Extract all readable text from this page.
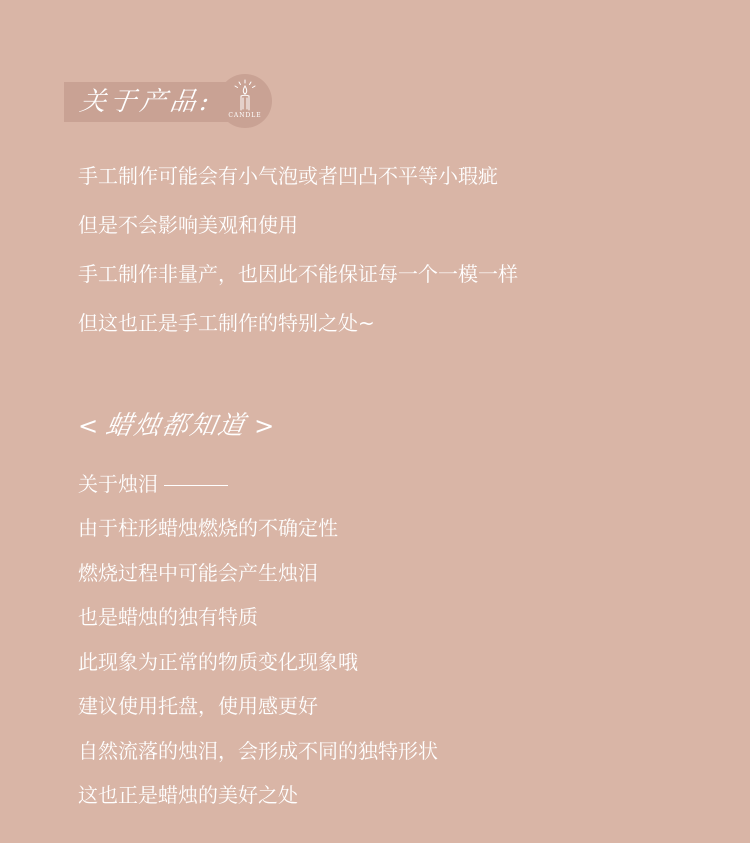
关于产品:	CANDLE
手工制作可能会有小气泡或者凹凸不平等小瑕疵
但是不会影响美观和使用
手工制作非量产，也因此不能保证每一个一模一样
但这也正是手工制作的特别之处~
< 蜡烛都知道 >
关于烛泪
由于柱形蜡烛燃烧的不确定性
燃烧过程中可能会产生烛泪
也是蜡烛的独有特质
此现象为正常的物质变化现象哦
建议使用托盘，使用感更好
自然流落的烛泪，会形成不同的独特形状
这也正是蜡烛的美好之处
